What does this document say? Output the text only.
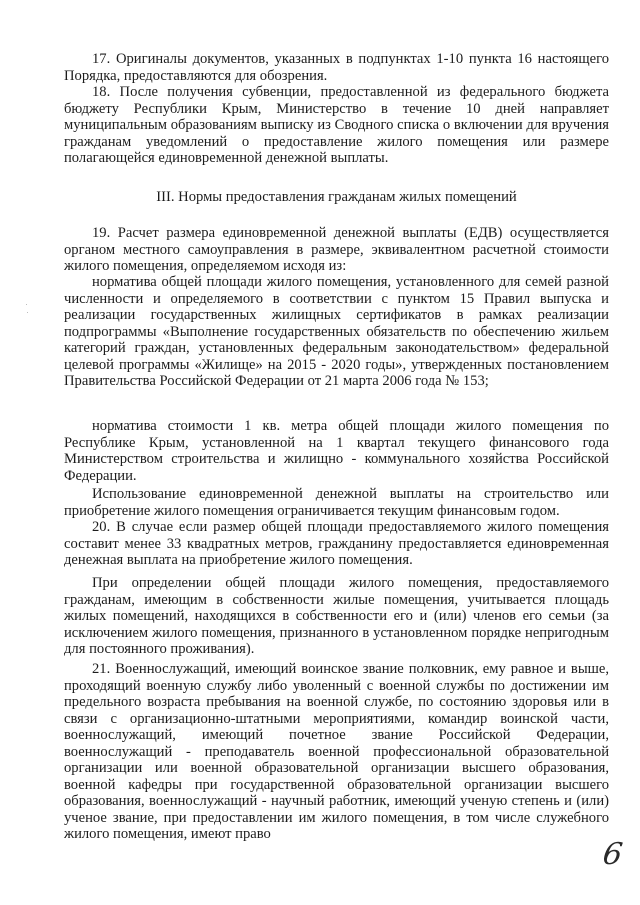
17. Оригиналы документов, указанных в подпунктах 1-10 пункта 16 настоящего Порядка, предоставляются для обозрения.

18. После получения субвенции, предоставленной из федерального бюджета бюджету Республики Крым, Министерство в течение 10 дней направляет муниципальным образованиям выписку из Сводного списка о включении для вручения гражданам уведомлений о предоставление жилого помещения или размере полагающейся единовременной денежной выплаты.

III. Нормы предоставления гражданам жилых помещений

19. Расчет размера единовременной денежной выплаты (ЕДВ) осуществляется органом местного самоуправления в размере, эквивалентном расчетной стоимости жилого помещения, определяемом исходя из:

норматива общей площади жилого помещения, установленного для семей разной численности и определяемого в соответствии с пунктом 15 Правил выпуска и реализации государственных жилищных сертификатов в рамках реализации подпрограммы «Выполнение государственных обязательств по обеспечению жильем категорий граждан, установленных федеральным законодательством» федеральной целевой программы «Жилище» на 2015 - 2020 годы», утвержденных постановлением Правительства Российской Федерации от 21 марта 2006 года № 153;

норматива стоимости 1 кв. метра общей площади жилого помещения по Республике Крым, установленной на 1 квартал текущего финансового года Министерством строительства и жилищно - коммунального хозяйства Российской Федерации.

Использование единовременной денежной выплаты на строительство или приобретение жилого помещения ограничивается текущим финансовым годом.

20. В случае если размер общей площади предоставляемого жилого помещения составит менее 33 квадратных метров, гражданину предоставляется единовременная денежная выплата на приобретение жилого помещения.

При определении общей площади жилого помещения, предоставляемого гражданам, имеющим в собственности жилые помещения, учитывается площадь жилых помещений, находящихся в собственности его и (или) членов его семьи (за исключением жилого помещения, признанного в установленном порядке непригодным для постоянного проживания).

21. Военнослужащий, имеющий воинское звание полковник, ему равное и выше, проходящий военную службу либо уволенный с военной службы по достижении им предельного возраста пребывания на военной службе, по состоянию здоровья или в связи с организационно-штатными мероприятиями, командир воинской части, военнослужащий, имеющий почетное звание Российской Федерации, военнослужащий - преподаватель военной профессиональной образовательной организации или военной образовательной организации высшего образования, военной кафедры при государственной образовательной организации высшего образования, военнослужащий - научный работник, имеющий ученую степень и (или) ученое звание, при предоставлении им жилого помещения, в том числе служебного жилого помещения, имеют право

6
